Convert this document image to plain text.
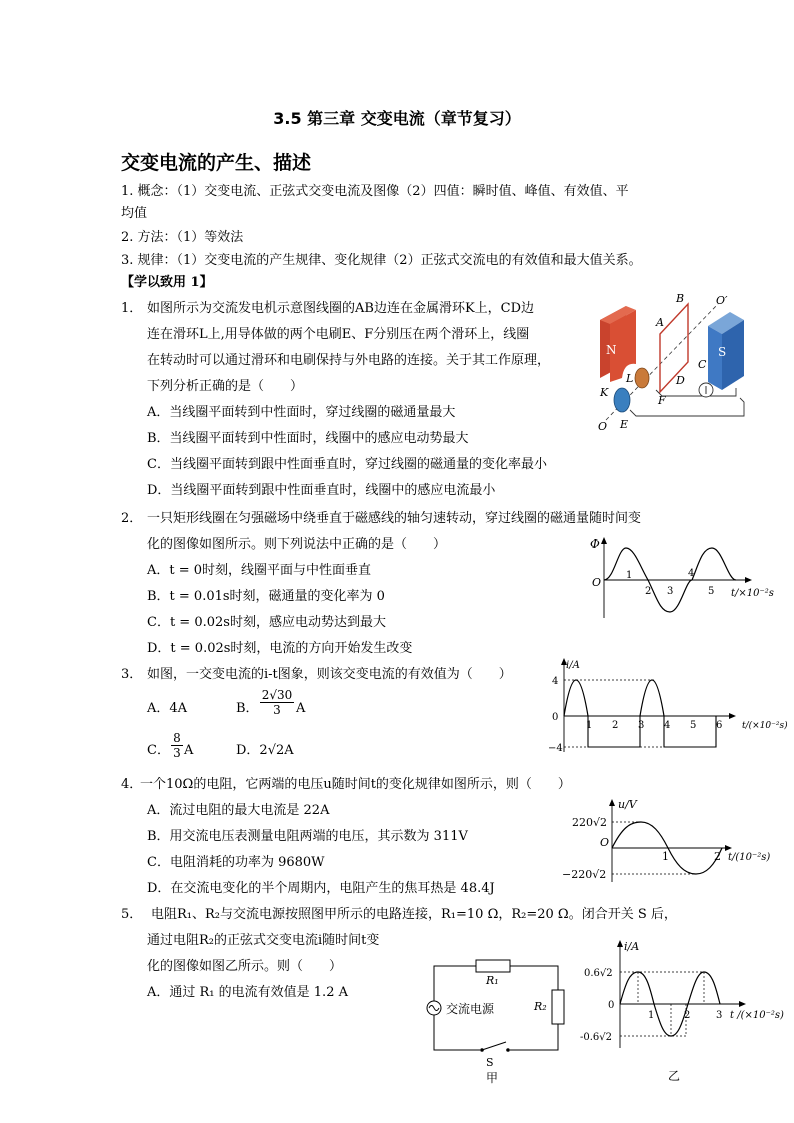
3.5 第三章 交变电流（章节复习）
交变电流的产生、描述
1. 概念：（1）交变电流、正弦式交变电流及图像（2）四值：瞬时值、峰值、有效值、平
均值
2. 方法：（1）等效法
3. 规律：（1）交变电流的产生规律、变化规律（2）正弦式交流电的有效值和最大值关系。
【学以致用 1】
1． 如图所示为交流发电机示意图线圈的AB边连在金属滑环K上，CD边
连在滑环L上,用导体做的两个电刷E、F分别压在两个滑环上，线圈
在转动时可以通过滑环和电刷保持与外电路的连接。关于其工作原理，
下列分析正确的是（　　）
A．当线圈平面转到中性面时，穿过线圈的磁通量最大
B．当线圈平面转到中性面时，线圈中的感应电动势最大
C．当线圈平面转到跟中性面垂直时，穿过线圈的磁通量的变化率最小
D．当线圈平面转到跟中性面垂直时，线圈中的感应电流最小
N	S
A
B
C
D
E
F
K
L
O
O′
2． 一只矩形线圈在匀强磁场中绕垂直于磁感线的轴匀速转动，穿过线圈的磁通量随时间变
化的图像如图所示。则下列说法中正确的是（　　）
A．t = 0时刻，线圈平面与中性面垂直
B．t = 0.01s时刻，磁通量的变化率为 0
C．t = 0.02s时刻，感应电动势达到最大
D．t = 0.02s时刻，电流的方向开始发生改变
Φ
O
1
2 3
4
5 t/×10⁻²s
3． 如图，一交变电流的i-t图象，则该交变电流的有效值为（　　）
A．4A	B． $\frac{2√30}{3}$ A
C． $\frac{8}{3}$ A	D．2√2A
i/A
4
0
−4
1 2 3 4 5 6 t/(×10⁻²s)
4．
一个10Ω的电阻，它两端的电压u随时间t的变化规律如图所示，则（　　）
A．流过电阻的最大电流是 22A
B．用交流电压表测量电阻两端的电压，其示数为 311V
C．电阻消耗的功率为 9680W
D．在交流电变化的半个周期内，电阻产生的焦耳热是 48.4J
u/V
220√2
O
−220√2
1	2 t/(10⁻²s)
5． 电阻R₁、R₂与交流电源按照图甲所示的电路连接，R₁=10 Ω，R₂=20 Ω。闭合开关 S 后，
通过电阻R₂的正弦式交变电流i随时间t变
化的图像如图乙所示。则（　　）
A．通过 R₁ 的电流有效值是 1.2 A
R₁
R₂
交流电源
S
甲
i/A
0.6√2
0
-0.6√2
1	2	3 t /(×10⁻²s)
乙
